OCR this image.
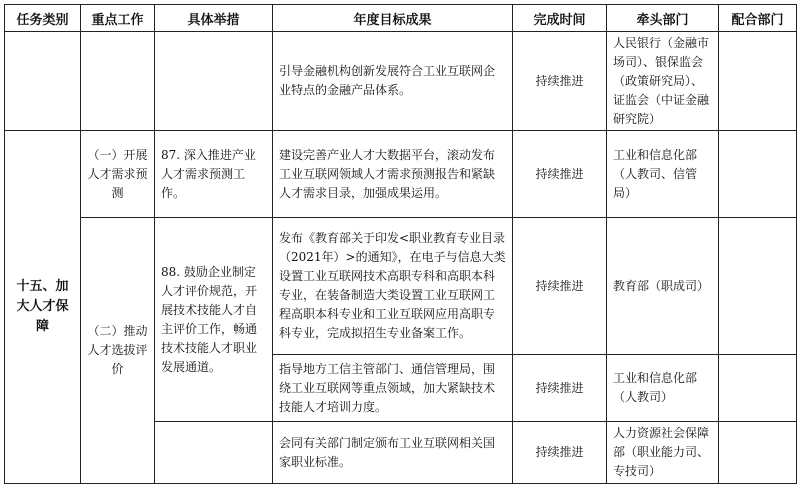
任务类别	重点工作	具体举措	年度目标成果	完成时间	牵头部门	配合部门
			引导金融机构创新发展符合工业互联网企业特点的金融产品体系。	持续推进	人民银行（金融市场司）、银保监会（政策研究局）、证监会（中证金融研究院）	
十五、加大人才保障	（一）开展人才需求预测	87. 深入推进产业人才需求预测工作。	建设完善产业人才大数据平台，滚动发布工业互联网领域人才需求预测报告和紧缺人才需求目录，加强成果运用。	持续推进	工业和信息化部（人教司、信管局）	
	（二）推动人才选拔评价	88. 鼓励企业制定人才评价规范，开展技术技能人才自主评价工作，畅通技术技能人才职业发展通道。	发布《教育部关于印发<职业教育专业目录（2021年）>的通知》，在电子与信息大类设置工业互联网技术高职专科和高职本科专业，在装备制造大类设置工业互联网工程高职本科专业和工业互联网应用高职专科专业，完成拟招生专业备案工作。	持续推进	教育部（职成司）	
			指导地方工信主管部门、通信管理局，围绕工业互联网等重点领域，加大紧缺技术技能人才培训力度。	持续推进	工业和信息化部（人教司）	
			会同有关部门制定颁布工业互联网相关国家职业标准。	持续推进	人力资源社会保障部（职业能力司、专技司）	
